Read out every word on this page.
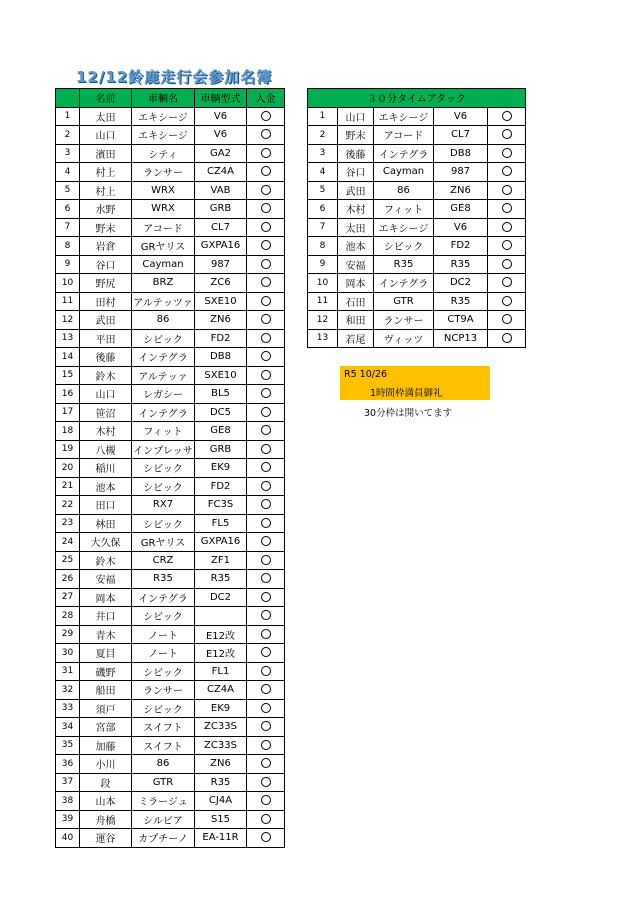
12/12鈴鹿走行会参加名簿
	名前	車輌名	車輌型式	入金
1	太田	エキシージ	V6	
2	山口	エキシージ	V6	
3	濱田	シティ	GA2	
4	村上	ランサー	CZ4A	
5	村上	WRX	VAB	
6	水野	WRX	GRB	
7	野末	アコード	CL7	
8	岩倉	GRヤリス	GXPA16	
9	谷口	Cayman	987	
10	野尻	BRZ	ZC6	
11	田村	アルテッツァ	SXE10	
12	武田	86	ZN6	
13	平田	シビック	FD2	
14	後藤	インテグラ	DB8	
15	鈴木	アルテッァ	SXE10	
16	山口	レガシー	BL5	
17	笹沼	インテグラ	DC5	
18	木村	フィット	GE8	
19	八槻	インプレッサ	GRB	
20	稲川	シビック	EK9	
21	池本	シビック	FD2	
22	田口	RX7	FC3S	
23	林田	シビック	FL5	
24	大久保	GRヤリス	GXPA16	
25	鈴木	CRZ	ZF1	
26	安福	R35	R35	
27	岡本	インテグラ	DC2	
28	井口	シビック		
29	青木	ノート	E12改	
30	夏目	ノート	E12改	
31	磯野	シビック	FL1	
32	船田	ランサー	CZ4A	
33	須戸	シビック	EK9	
34	宮部	スイフト	ZC33S	
35	加藤	スイフト	ZC33S	
36	小川	86	ZN6	
37	段	GTR	R35	
38	山本	ミラージュ	CJ4A	
39	舟橋	シルビア	S15	
40	運谷	カプチーノ	EA-11R	
３０分タイムアタック				
1	山口	エキシージ	V6	
2	野末	アコード	CL7	
3	後藤	インテグラ	DB8	
4	谷口	Cayman	987	
5	武田	86	ZN6	
6	木村	フィット	GE8	
7	太田	エキシージ	V6	
8	池本	シビック	FD2	
9	安福	R35	R35	
10	岡本	インテグラ	DC2	
11	石田	GTR	R35	
12	和田	ランサー	CT9A	
13	若尾	ヴィッツ	NCP13	
R5 10/26
1時間枠満員御礼
30分枠は開いてます
